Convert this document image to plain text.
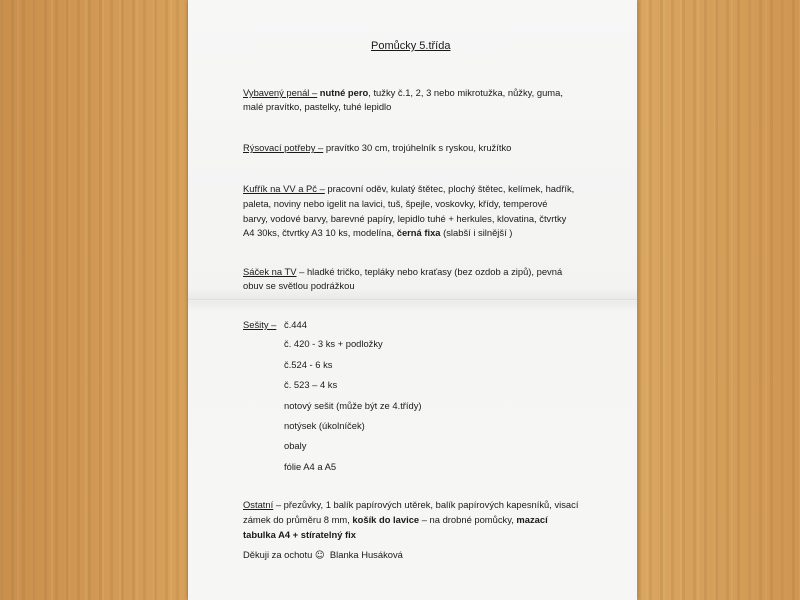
Pomůcky 5.třída
Vybavený penál – nutné pero, tužky č.1, 2, 3 nebo mikrotužka, nůžky, guma,
malé pravítko, pastelky, tuhé lepidlo
Rýsovací potřeby – pravítko 30 cm, trojúhelník s ryskou, kružítko
Kufřík na VV a Pč – pracovní oděv, kulatý štětec, plochý štětec, kelímek, hadřík,
paleta, noviny nebo igelit na lavici, tuš, špejle, voskovky, křídy, temperové
barvy, vodové barvy, barevné papíry, lepidlo tuhé + herkules, klovatina, čtvrtky
A4 30ks, čtvrtky A3 10 ks, modelína, černá fixa (slabší i silnější )
Sáček na TV – hladké tričko, tepláky nebo kraťasy (bez ozdob a zipů), pevná
obuv se světlou podrážkou
Sešity – č.444
č. 420 - 3 ks + podložky
č.524 - 6 ks
č. 523 – 4 ks
notový sešit (může být ze 4.třídy)
notýsek (úkolníček)
obaly
fólie A4 a A5
Ostatní – přezůvky, 1 balík papírových utěrek, balík papírových kapesníků, visací
zámek do průměru 8 mm, košík do lavice – na drobné pomůcky, mazací
tabulka A4 + stíratelný fix
Děkuji za ochotu ☺ Blanka Husáková
